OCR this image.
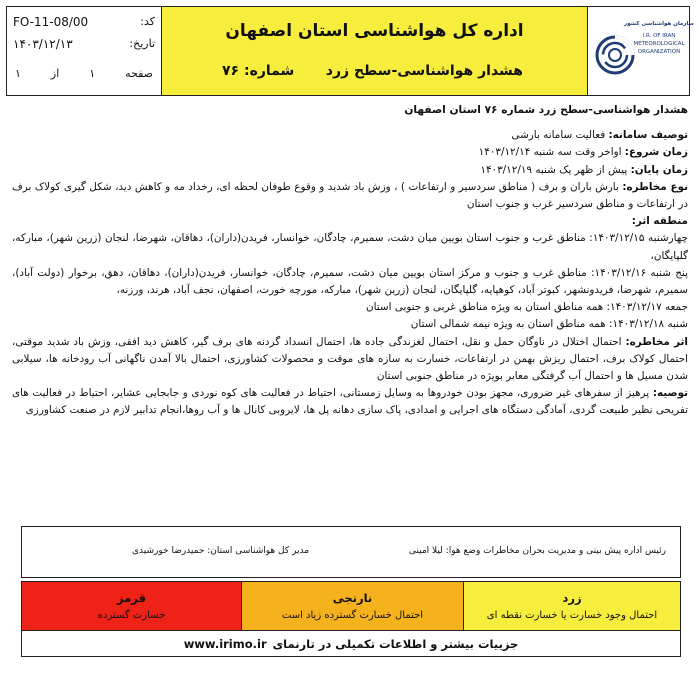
سازمان هواشناسی کشور
I.R. OF IRAN
METEOROLOGICAL
ORGANIZATION
اداره کل هواشناسی استان اصفهان
هشدار هواشناسی-سطح زرد
شماره: ۷۶
کد:
FO-11-08/00
تاریخ:
۱۴۰۳/۱۲/۱۳
صفحه
۱
از
۱

هشدار هواشناسی-سطح زرد شماره ۷۶ استان اصفهان

توصیف سامانه: فعالیت سامانه بارشی

زمان شروع: اواخر وقت سه شنبه ۱۴۰۳/۱۲/۱۴

زمان پایان: پیش از ظهر یک شنبه ۱۴۰۳/۱۲/۱۹

نوع مخاطره: بارش باران و برف ( مناطق سردسیر و ارتفاعات ) ، وزش باد شدید و وقوع طوفان لحظه ای، رخداد مه و کاهش دید، شکل گیری کولاک برف در ارتفاعات و مناطق سردسیر غرب و جنوب استان

منطقه اثر:

چهارشنبه ۱۴۰۳/۱۲/۱۵: مناطق غرب و جنوب استان بویین میان دشت، سمیرم، چادگان، خوانسار، فریدن(داران)، دهاقان، شهرضا، لنجان (زرین شهر)، مبارکه، گلپایگان،

پنج شنبه ۱۴۰۳/۱۲/۱۶: مناطق غرب و جنوب و مرکز استان بویین میان دشت، سمیرم، چادگان، خوانسار، فریدن(داران)، دهاقان، دهق، برخوار (دولت آباد)، سمیرم، شهرضا، فریدونشهر، کبوتر آباد، کوهپایه، گلپایگان، لنجان (زرین شهر)، مبارکه، مورچه خورت، اصفهان، نجف آباد، هرند، ورزنه،

جمعه ۱۴۰۳/۱۲/۱۷: همه مناطق استان به ویژه مناطق غربی و جنوبی استان

شنبه ۱۴۰۳/۱۲/۱۸: همه مناطق استان به ویژه نیمه شمالی استان

اثر مخاطره: احتمال اختلال در ناوگان حمل و نقل، احتمال لغزندگی جاده ها، احتمال انسداد گردنه های برف گیر، کاهش دید افقی، وزش باد شدید موقتی، احتمال کولاک برف، احتمال ریزش بهمن در ارتفاعات، خسارت به سازه های موقت و محصولات کشاورزی، احتمال بالا آمدن ناگهانی آب رودخانه ها، سیلابی شدن مسیل ها و احتمال آب گرفتگی معابر بویژه در مناطق جنوبی استان

توصیه: پرهیز از سفرهای غیر ضروری، مجهز بودن خودروها به وسایل زمستانی، احتیاط در فعالیت های کوه نوردی و جابجایی عشایر، احتیاط در فعالیت های تفریحی نظیر طبیعت گردی، آمادگی دستگاه های اجرایی و امدادی، پاک سازی دهانه پل ها، لایروبی کانال ها و آب روها،انجام تدابیر لازم در صنعت کشاورزی

رئیس اداره پیش بینی و مدیریت بحران مخاطرات وضع هوا: لیلا امینی
مدیر کل هواشناسی استان: حمیدرضا خورشیدی
زرد
احتمال وجود خسارت یا خسارت نقطه ای
نارنجی
احتمال خسارت گسترده زیاد است
قرمز
خسارت گسترده
جزییات بیشتر و اطلاعات تکمیلی در تارنمای
www.irimo.ir
